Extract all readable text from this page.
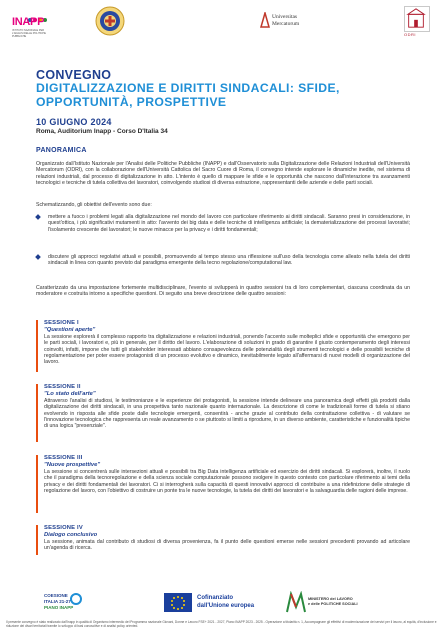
INAPP
ISTITUTO NAZIONALE PER L'ANALISI DELLE POLITICHE PUBBLICHE
Universitas
Mercatorum
ODRI
CONVEGNO
DIGITALIZZAZIONE E DIRITTI SINDACALI: SFIDE, OPPORTUNITÀ, PROSPETTIVE
10 GIUGNO 2024
Roma, Auditorium Inapp - Corso D'Italia 34
PANORAMICA

Organizzato dall'Istituto Nazionale per l'Analisi delle Politiche Pubbliche (INAPP) e dall'Osservatorio sulla Digitalizzazione delle Relazioni Industriali dell'Università Mercatorum (ODRI), con la collaborazione dell'Università Cattolica del Sacro Cuore di Roma, il convegno intende esplorare le dinamiche inedite, nel sistema di relazioni industriali, dal processo di digitalizzazione in atto. L'intento è quello di mappare le sfide e le opportunità che nascono dall'interazione tra avanzamenti tecnologici e tecniche di tutela collettiva dei lavoratori, coinvolgendo studiosi di diversa estrazione, rappresentanti delle aziende e delle parti sociali.

Schematizzando, gli obiettivi dell'evento sono due:

mettere a fuoco i problemi legati alla digitalizzazione nel mondo del lavoro con particolare riferimento ai diritti sindacali. Saranno presi in considerazione, in quest'ottica, i più significativi mutamenti in atto: l'avvento dei big data e delle tecniche di intelligenza artificiale; la dematerializzazione dei processi lavorativi; l'isolamento crescente dei lavoratori; le nuove minacce per la privacy e i diritti fondamentali;
discutere gli approcci regolativi attuali e possibili, promuovendo al tempo stesso una riflessione sull'uso della tecnologia come alleato nella tutela dei diritti sindacali in linea con quanto previsto dal paradigma emergente della tecno regolazione/computational law.

Caratterizzato da una impostazione fortemente multidisciplinare, l'evento si svilupperà in quattro sessioni tra di loro complementari, ciascuna coordinata da un moderatore e costruita intorno a specifiche questioni. Di seguito una breve descrizione delle quattro sessioni:

SESSIONE I
"Questioni aperte"

La sessione esplorerà il complesso rapporto tra digitalizzazione e relazioni industriali, ponendo l'accento sulle molteplici sfide e opportunità che emergono per le parti sociali, i lavoratori e, più in generale, per il diritto del lavoro. L'elaborazione di soluzioni in grado di garantire il giusto contemperamento degli interessi coinvolti, infatti, impone che tutti gli stakeholder interessati abbiano consapevolezza delle potenzialità degli strumenti tecnologici e delle possibili tecniche di regolamentazione per poter essere protagonisti di un processo evolutivo e dinamico, inevitabilmente legato all'affermarsi di nuovi modelli di organizzazione del lavoro.

SESSIONE II
"Lo stato dell'arte"

Attraverso l'analisi di studiosi, le testimonianze e le esperienze dei protagonisti, la sessione intende delineare una panoramica degli effetti già prodotti dalla digitalizzazione dei diritti sindacali, in una prospettiva tanto nazionale quanto internazionale. La descrizione di come le tradizionali forme di tutela si stiano evolvendo in risposta alle sfide poste dalle tecnologie emergenti, consentirà - anche grazie al contributo della contrattazione collettiva - di valutare se l'innovazione tecnologica che rappresenta un reale avanzamento o se piuttosto si limiti a riprodurre, in un diverso ambiente, caratteristiche e funzionalità tipiche di una logica "presenziale".

SESSIONE III
"Nuove prospettive"

La sessione si concentrerà sulle intersezioni attuali e possibili tra Big Data intelligenza artificiale ed esercizio dei diritti sindacali. Si esplorerà, inoltre, il ruolo che il paradigma della tecnoregolazione e della scienza sociale computazionale possono svolgere in questo contesto con particolare riferimento ai temi della privacy e dei diritti fondamentali dei lavoratori. Ci si interrogherà sulla capacità di questi innovativi approcci di contribuire a una ridefinizione delle strategie di regolazione del lavoro, con l'obiettivo di costruire un ponte tra le nuove tecnologie, la tutela dei diritti dei lavoratori e la salvaguardia delle ragioni delle imprese.

SESSIONE IV
Dialogo conclusivo

La sessione, animata dal contributo di studiosi di diversa provenienza, fa il punto delle questioni emerse nelle sessioni precedenti provando ad articolare un'agenda di ricerca.

COESIONE
ITALIA 21-27
PIANO INAPP
Cofinanziato
dall'Unione europea
MINISTERO del LAVORO
e delle POLITICHE SOCIALI

Il presente convegno è stato realizzato dall'Inapp in qualità di Organismo intermedio del Programma nazionale Giovani, Donne e Lavoro FSE+ 2021 - 2027, Piano INAPP 2023 - 2025 - Operazione a titolarità n. 1, Accompagnare gli effettivi di modernizzazione dei servizi per il lavoro, al equità, d'inclusione e riduzione dei divari territoriali tramite lo sviluppo di basi conoscitive e di analisi policy oriented.
